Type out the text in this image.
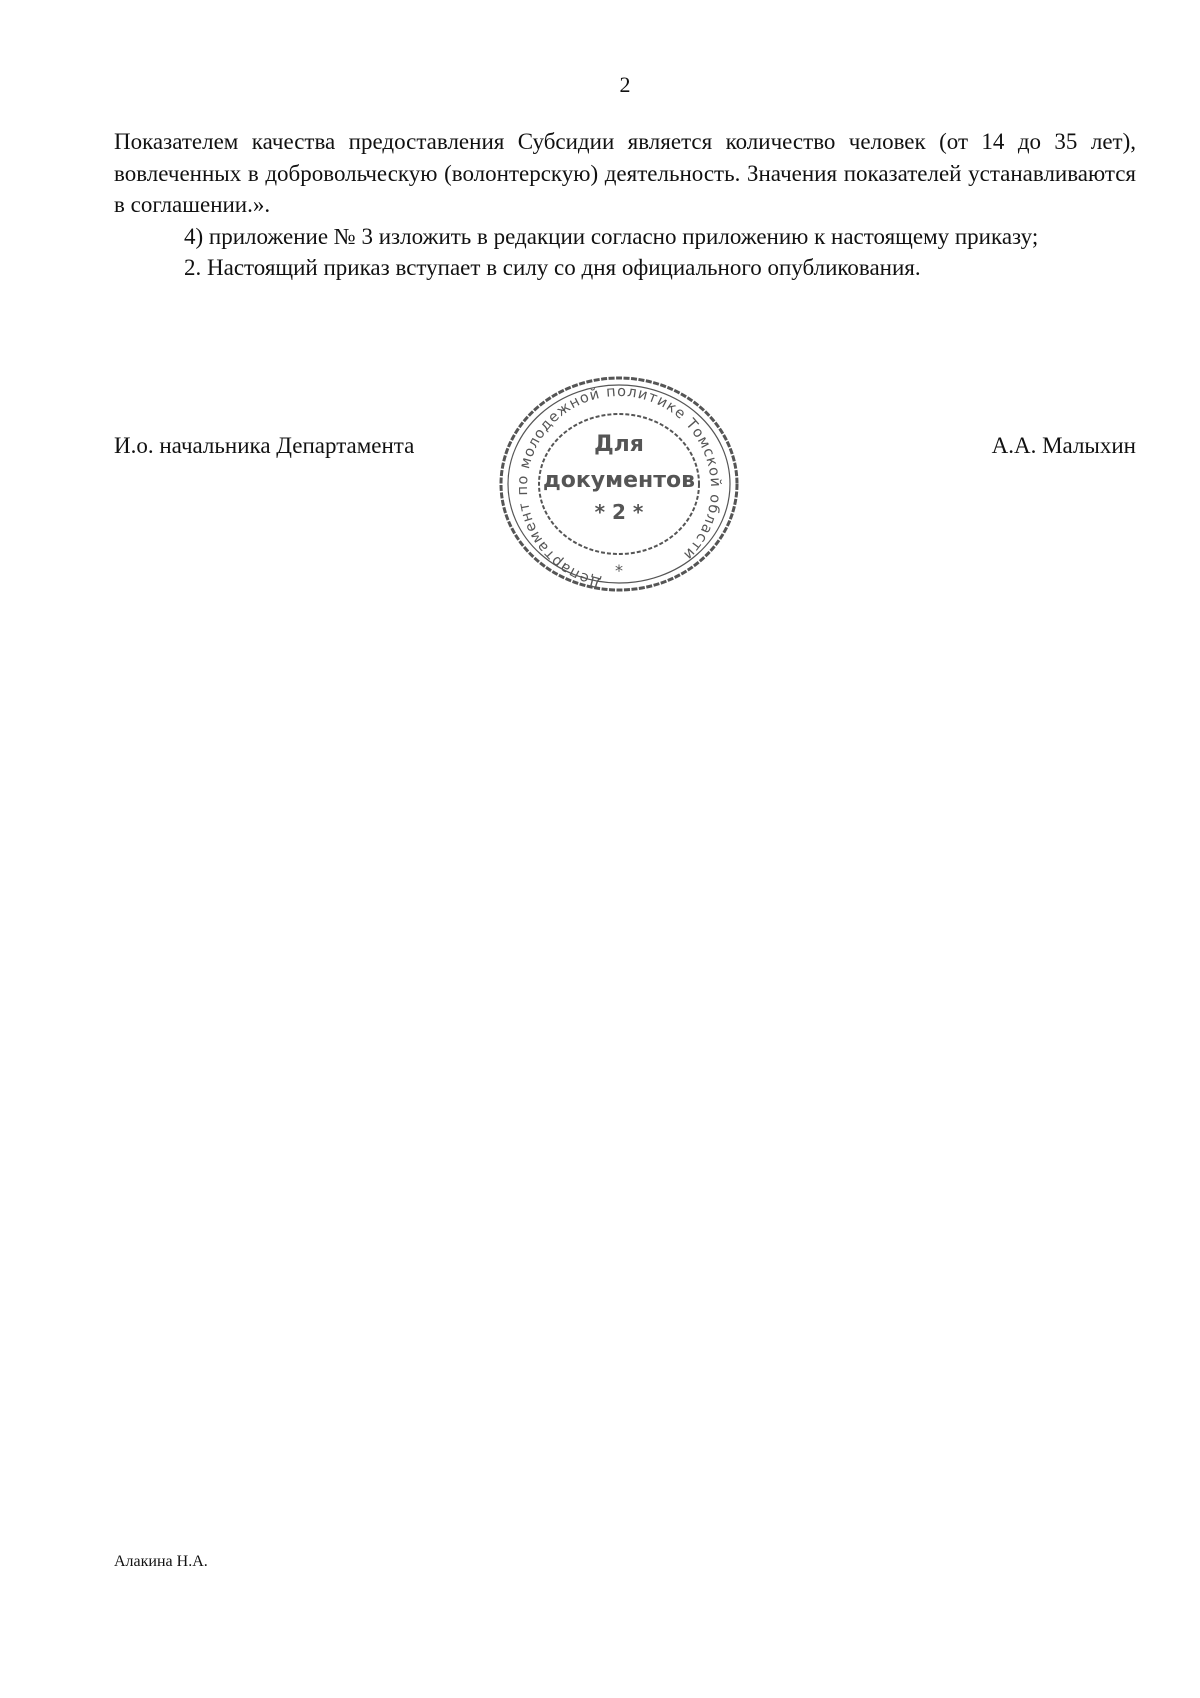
2

Показателем качества предоставления Субсидии является количество человек (от 14 до 35 лет), вовлеченных в добровольческую (волонтерскую) деятельность. Значения показателей устанавливаются в соглашении.».

4) приложение № 3 изложить в редакции согласно приложению к настоящему приказу;

2. Настоящий приказ вступает в силу со дня официального опубликования.

И.о. начальника Департамента
Департамент по молодежной политике Томской области
Для
документов
* 2 *
*
А.А. Малыхин
Алакина Н.А.
